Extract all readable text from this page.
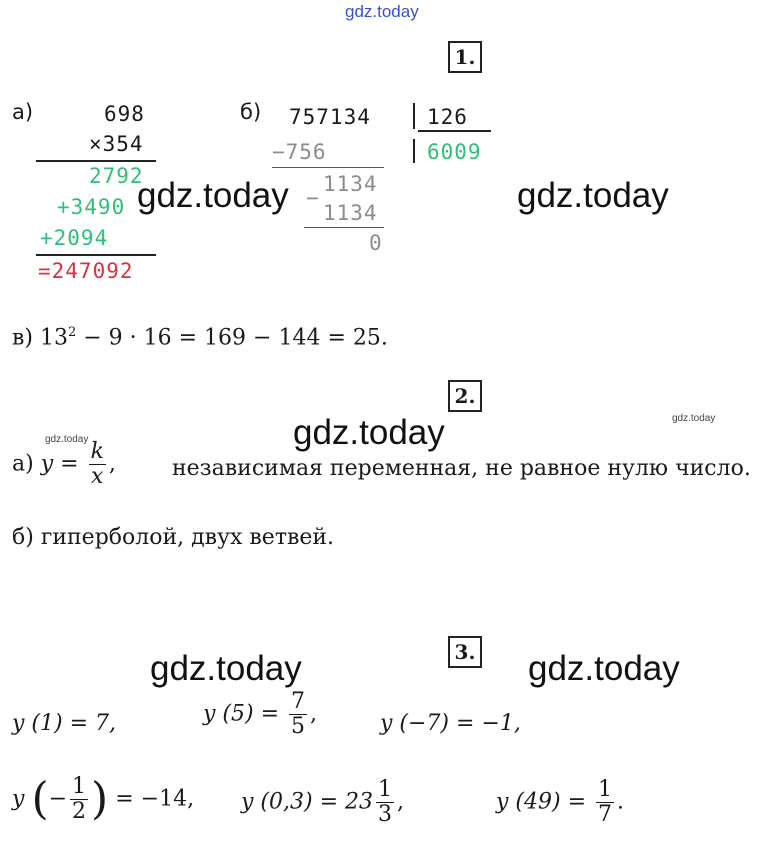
gdz.today
gdz.today	gdz.today
gdz.today	gdz.today
gdz.today
gdz.today	gdz.today
1.
а)	698
×354
2792
+3490
+2094
=247092
б) 757134	126
6009
−756
1134
−
1134
0
в) $13^2 - 9 \cdot 16 = 169 - 144 = 25$.
2.
а) $y = \frac{k}{x}$ ,	независимая переменная, не равное нулю число.
б) гиперболой, двух ветвей.
3.
y (1) = 7,	y $(5) = \frac{7}{5}$ ,	y (−7) = −1,
y (− $\frac{1}{2}$ ) = −14, y $(0,3) = 23 \frac{1}{3}$ ,	y $(49) = \frac{1}{7}$ .
